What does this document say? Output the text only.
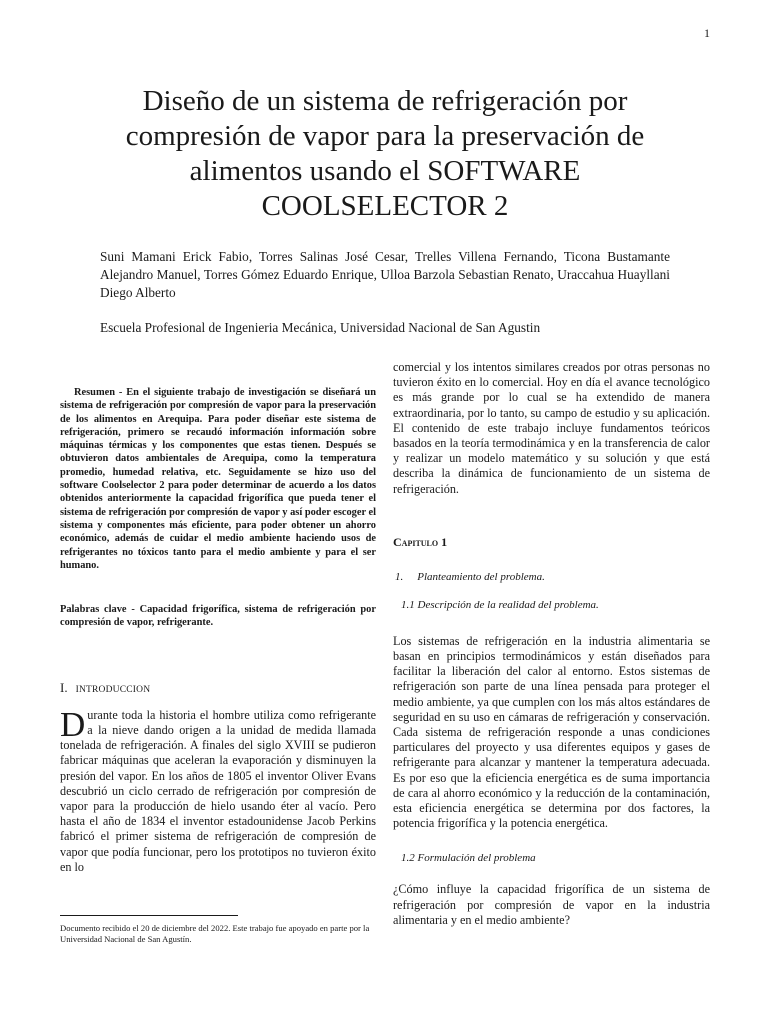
1
Diseño de un sistema de refrigeración por compresión de vapor para la preservación de alimentos usando el SOFTWARE COOLSELECTOR 2

Suni Mamani Erick Fabio, Torres Salinas José Cesar, Trelles Villena Fernando, Ticona Bustamante Alejandro Manuel, Torres Gómez Eduardo Enrique, Ulloa Barzola Sebastian Renato, Uraccahua Huayllani Diego Alberto

Escuela Profesional de Ingenieria Mecánica, Universidad Nacional de San Agustin

Resumen - En el siguiente trabajo de investigación se diseñará un sistema de refrigeración por compresión de vapor para la preservación de los alimentos en Arequipa. Para poder diseñar este sistema de refrigeración, primero se recaudó información información sobre máquinas térmicas y los componentes que estas tienen. Después se obtuvieron datos ambientales de Arequipa, como la temperatura promedio, humedad relativa, etc. Seguidamente se hizo uso del software Coolselector 2 para poder determinar de acuerdo a los datos obtenidos anteriormente la capacidad frigorífica que pueda tener el sistema de refrigeración por compresión de vapor y así poder escoger el sistema y componentes más eficiente, para poder obtener un ahorro económico, además de cuidar el medio ambiente haciendo usos de refrigerantes no tóxicos tanto para el medio ambiente y para el ser humano.

Palabras clave - Capacidad frigorífica, sistema de refrigeración por compresión de vapor, refrigerante.

I. INTRODUCCION

Durante toda la historia el hombre utiliza como refrigerante a la nieve dando origen a la unidad de medida llamada tonelada de refrigeración. A finales del siglo XVIII se pudieron fabricar máquinas que aceleran la evaporación y disminuyen la presión del vapor. En los años de 1805 el inventor Oliver Evans descubrió un ciclo cerrado de refrigeración por compresión de vapor para la producción de hielo usando éter al vacío. Pero hasta el año de 1834 el inventor estadounidense Jacob Perkins fabricó el primer sistema de refrigeración de compresión de vapor que podía funcionar, pero los prototipos no tuvieron éxito en lo

Documento recibido el 20 de diciembre del 2022. Este trabajo fue apoyado en parte por la Universidad Nacional de San Agustín.

comercial y los intentos similares creados por otras personas no tuvieron éxito en lo comercial. Hoy en día el avance tecnológico es más grande por lo cual se ha extendido de manera extraordinaria, por lo tanto, su campo de estudio y su aplicación. El contenido de este trabajo incluye fundamentos teóricos basados en la teoría termodinámica y en la transferencia de calor y realizar un modelo matemático y su solución y que está describa la dinámica de funcionamiento de un sistema de refrigeración.

Capitulo 1
1. Planteamiento del problema.
1.1 Descripción de la realidad del problema.

Los sistemas de refrigeración en la industria alimentaria se basan en principios termodinámicos y están diseñados para facilitar la liberación del calor al entorno. Estos sistemas de refrigeración son parte de una línea pensada para proteger el medio ambiente, ya que cumplen con los más altos estándares de seguridad en su uso en cámaras de refrigeración y conservación. Cada sistema de refrigeración responde a unas condiciones particulares del proyecto y usa diferentes equipos y gases de refrigerante para alcanzar y mantener la temperatura adecuada. Es por eso que la eficiencia energética es de suma importancia de cara al ahorro económico y la reducción de la contaminación, esta eficiencia energética se determina por dos factores, la potencia frigorífica y la potencia energética.

1.2 Formulación del problema

¿Cómo influye la capacidad frigorífica de un sistema de refrigeración por compresión de vapor en la industria alimentaria y en el medio ambiente?
